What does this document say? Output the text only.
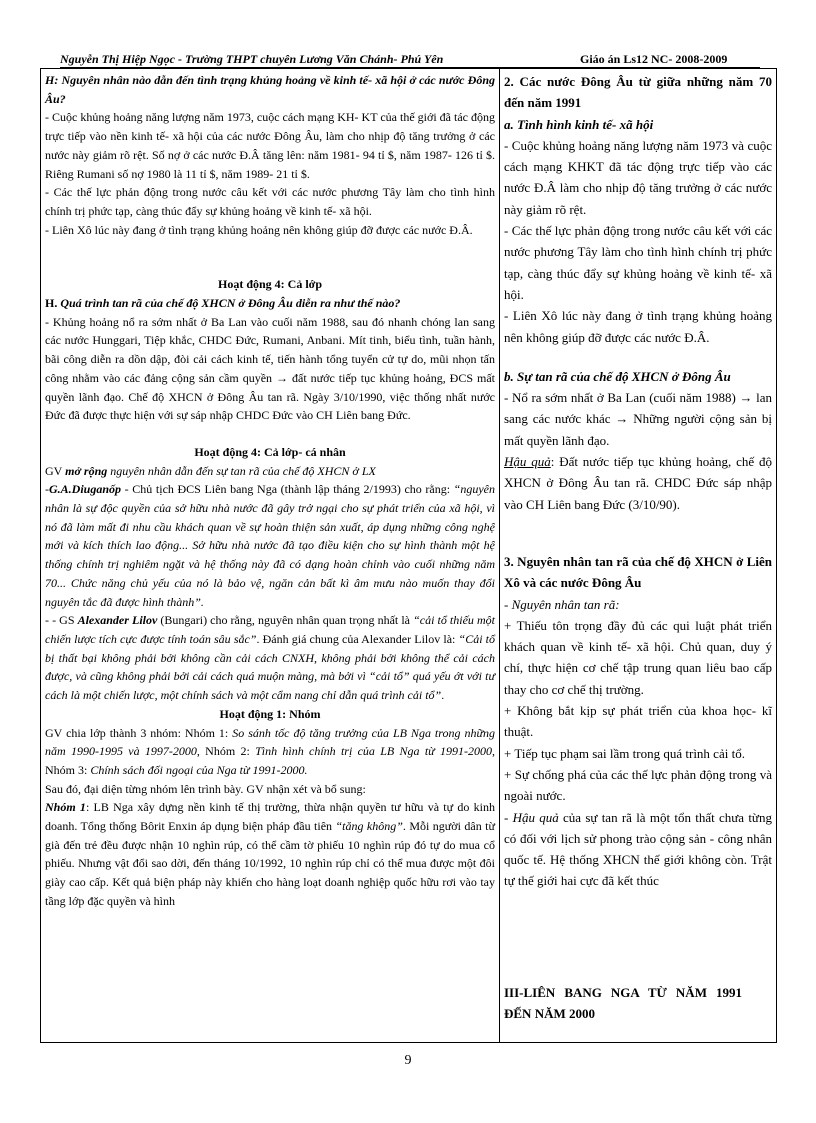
Nguyễn Thị Hiệp Ngọc - Trường THPT chuyên Lương Văn Chánh- Phú Yên	Giáo án Ls12 NC- 2008-2009

H: Nguyên nhân nào dẫn đến tình trạng khủng hoảng về kinh tế- xã hội ở các nước Đông Âu?

- Cuộc khủng hoảng năng lượng năm 1973, cuộc cách mạng KH- KT của thế giới đã tác động trực tiếp vào nền kinh tế- xã hội của các nước Đông Âu, làm cho nhịp độ tăng trưởng ở các nước này giảm rõ rệt. Số nợ ở các nước Đ.Â tăng lên: năm 1981- 94 tỉ $, năm 1987- 126 tỉ $. Riêng Rumani số nợ 1980 là 11 tỉ $, năm 1989- 21 tỉ $.

- Các thế lực phản động trong nước câu kết với các nước phương Tây làm cho tình hình chính trị phức tạp, càng thúc đẩy sự khủng hoảng về kinh tế- xã hội.

- Liên Xô lúc này đang ở tình trạng khủng hoảng nên không giúp đỡ được các nước Đ.Â.

Hoạt động 4: Cả lớp

H. Quá trình tan rã của chế độ XHCN ở Đông Âu diễn ra như thế nào?

- Khủng hoảng nổ ra sớm nhất ở Ba Lan vào cuối năm 1988, sau đó nhanh chóng lan sang các nước Hunggari, Tiệp khắc, CHDC Đức, Rumani, Anbani. Mít tinh, biểu tình, tuần hành, bãi công diễn ra dồn dập, đòi cải cách kinh tế, tiến hành tổng tuyển cử tự do, mũi nhọn tấn công nhằm vào các đảng cộng sản cầm quyền → đất nước tiếp tục khủng hoảng, ĐCS mất quyền lãnh đạo. Chế độ XHCN ở Đông Âu tan rã. Ngày 3/10/1990, việc thống nhất nước Đức đã được thực hiện với sự sáp nhập CHDC Đức vào CH Liên bang Đức.

Hoạt động 4: Cả lớp- cá nhân

GV mở rộng nguyên nhân dẫn đến sự tan rã của chế độ XHCN ở LX

-G.A.Diuganốp - Chủ tịch ĐCS Liên bang Nga (thành lập tháng 2/1993) cho rằng: “nguyên nhân là sự độc quyền của sở hữu nhà nước đã gây trở ngại cho sự phát triển của xã hội, vì nó đã làm mất đi nhu cầu khách quan về sự hoàn thiện sản xuất, áp dụng những công nghệ mới và kích thích lao động... Sở hữu nhà nước đã tạo điều kiện cho sự hình thành một hệ thống chính trị nghiêm ngặt và hệ thống này đã có dạng hoàn chỉnh vào cuối những năm 70... Chức năng chủ yếu của nó là bảo vệ, ngăn cản bất kì âm mưu nào muốn thay đổi nguyên tắc đã được hình thành”.

- - GS Alexander Lilov (Bungari) cho rằng, nguyên nhân quan trọng nhất là “cải tổ thiếu một chiến lược tích cực được tính toán sâu sắc”. Đánh giá chung của Alexander Lilov là: “Cải tổ bị thất bại không phải bởi không cần cải cách CNXH, không phải bởi không thể cải cách được, và cũng không phải bởi cải cách quá muộn màng, mà bởi vì “cải tổ” quá yếu ớt với tư cách là một chiến lược, một chính sách và một cẩm nang chỉ dẫn quá trình cải tổ”.

Hoạt động 1: Nhóm

GV chia lớp thành 3 nhóm: Nhóm 1: So sánh tốc độ tăng trưởng của LB Nga trong những năm 1990-1995 và 1997-2000, Nhóm 2: Tình hình chính trị của LB Nga từ 1991-2000, Nhóm 3: Chính sách đối ngoại của Nga từ 1991-2000.

Sau đó, đại diện từng nhóm lên trình bày. GV nhận xét và bổ sung:

Nhóm 1: LB Nga xây dựng nền kinh tế thị trường, thừa nhận quyền tư hữu và tự do kinh doanh. Tổng thống Bôrit Enxin áp dụng biện pháp đầu tiên “tăng không”. Mỗi người dân từ già đến trẻ đều được nhận 10 nghìn rúp, có thể cầm tờ phiếu 10 nghìn rúp đó tự do mua cổ phiếu. Nhưng vật đổi sao dời, đến tháng 10/1992, 10 nghìn rúp chỉ có thể mua được một đôi giày cao cấp. Kết quả biện pháp này khiến cho hàng loạt doanh nghiệp quốc hữu rơi vào tay tầng lớp đặc quyền và hình

2. Các nước Đông Âu từ giữa những năm 70 đến năm 1991

a. Tình hình kinh tế- xã hội

- Cuộc khủng hoảng năng lượng năm 1973 và cuộc cách mạng KHKT đã tác động trực tiếp vào các nước Đ.Â làm cho nhịp độ tăng trưởng ở các nước này giảm rõ rệt.

- Các thế lực phản động trong nước câu kết với các nước phương Tây làm cho tình hình chính trị phức tạp, càng thúc đẩy sự khủng hoảng về kinh tế- xã hội.

- Liên Xô lúc này đang ở tình trạng khủng hoảng nên không giúp đỡ được các nước Đ.Â.

b. Sự tan rã của chế độ XHCN ở Đông Âu

- Nổ ra sớm nhất ở Ba Lan (cuối năm 1988) → lan sang các nước khác → Những người cộng sản bị mất quyền lãnh đạo.

Hậu quả: Đất nước tiếp tục khủng hoảng, chế độ XHCN ở Đông Âu tan rã. CHDC Đức sáp nhập vào CH Liên bang Đức (3/10/90).

3. Nguyên nhân tan rã của chế độ XHCN ở Liên Xô và các nước Đông Âu

- Nguyên nhân tan rã:

+ Thiếu tôn trọng đầy đủ các qui luật phát triển khách quan về kinh tế- xã hội. Chủ quan, duy ý chí, thực hiện cơ chế tập trung quan liêu bao cấp thay cho cơ chế thị trường.

+ Không bắt kịp sự phát triển của khoa học- kĩ thuật.

+ Tiếp tục phạm sai lầm trong quá trình cải tổ.

+ Sự chống phá của các thế lực phản động trong và ngoài nước.

- Hậu quả của sự tan rã là một tổn thất chưa từng có đối với lịch sử phong trào cộng sản - công nhân quốc tế. Hệ thống XHCN thế giới không còn. Trật tự thế giới hai cực đã kết thúc

III-LIÊN BANG NGA TỪ NĂM 1991 ĐẾN NĂM 2000

9
